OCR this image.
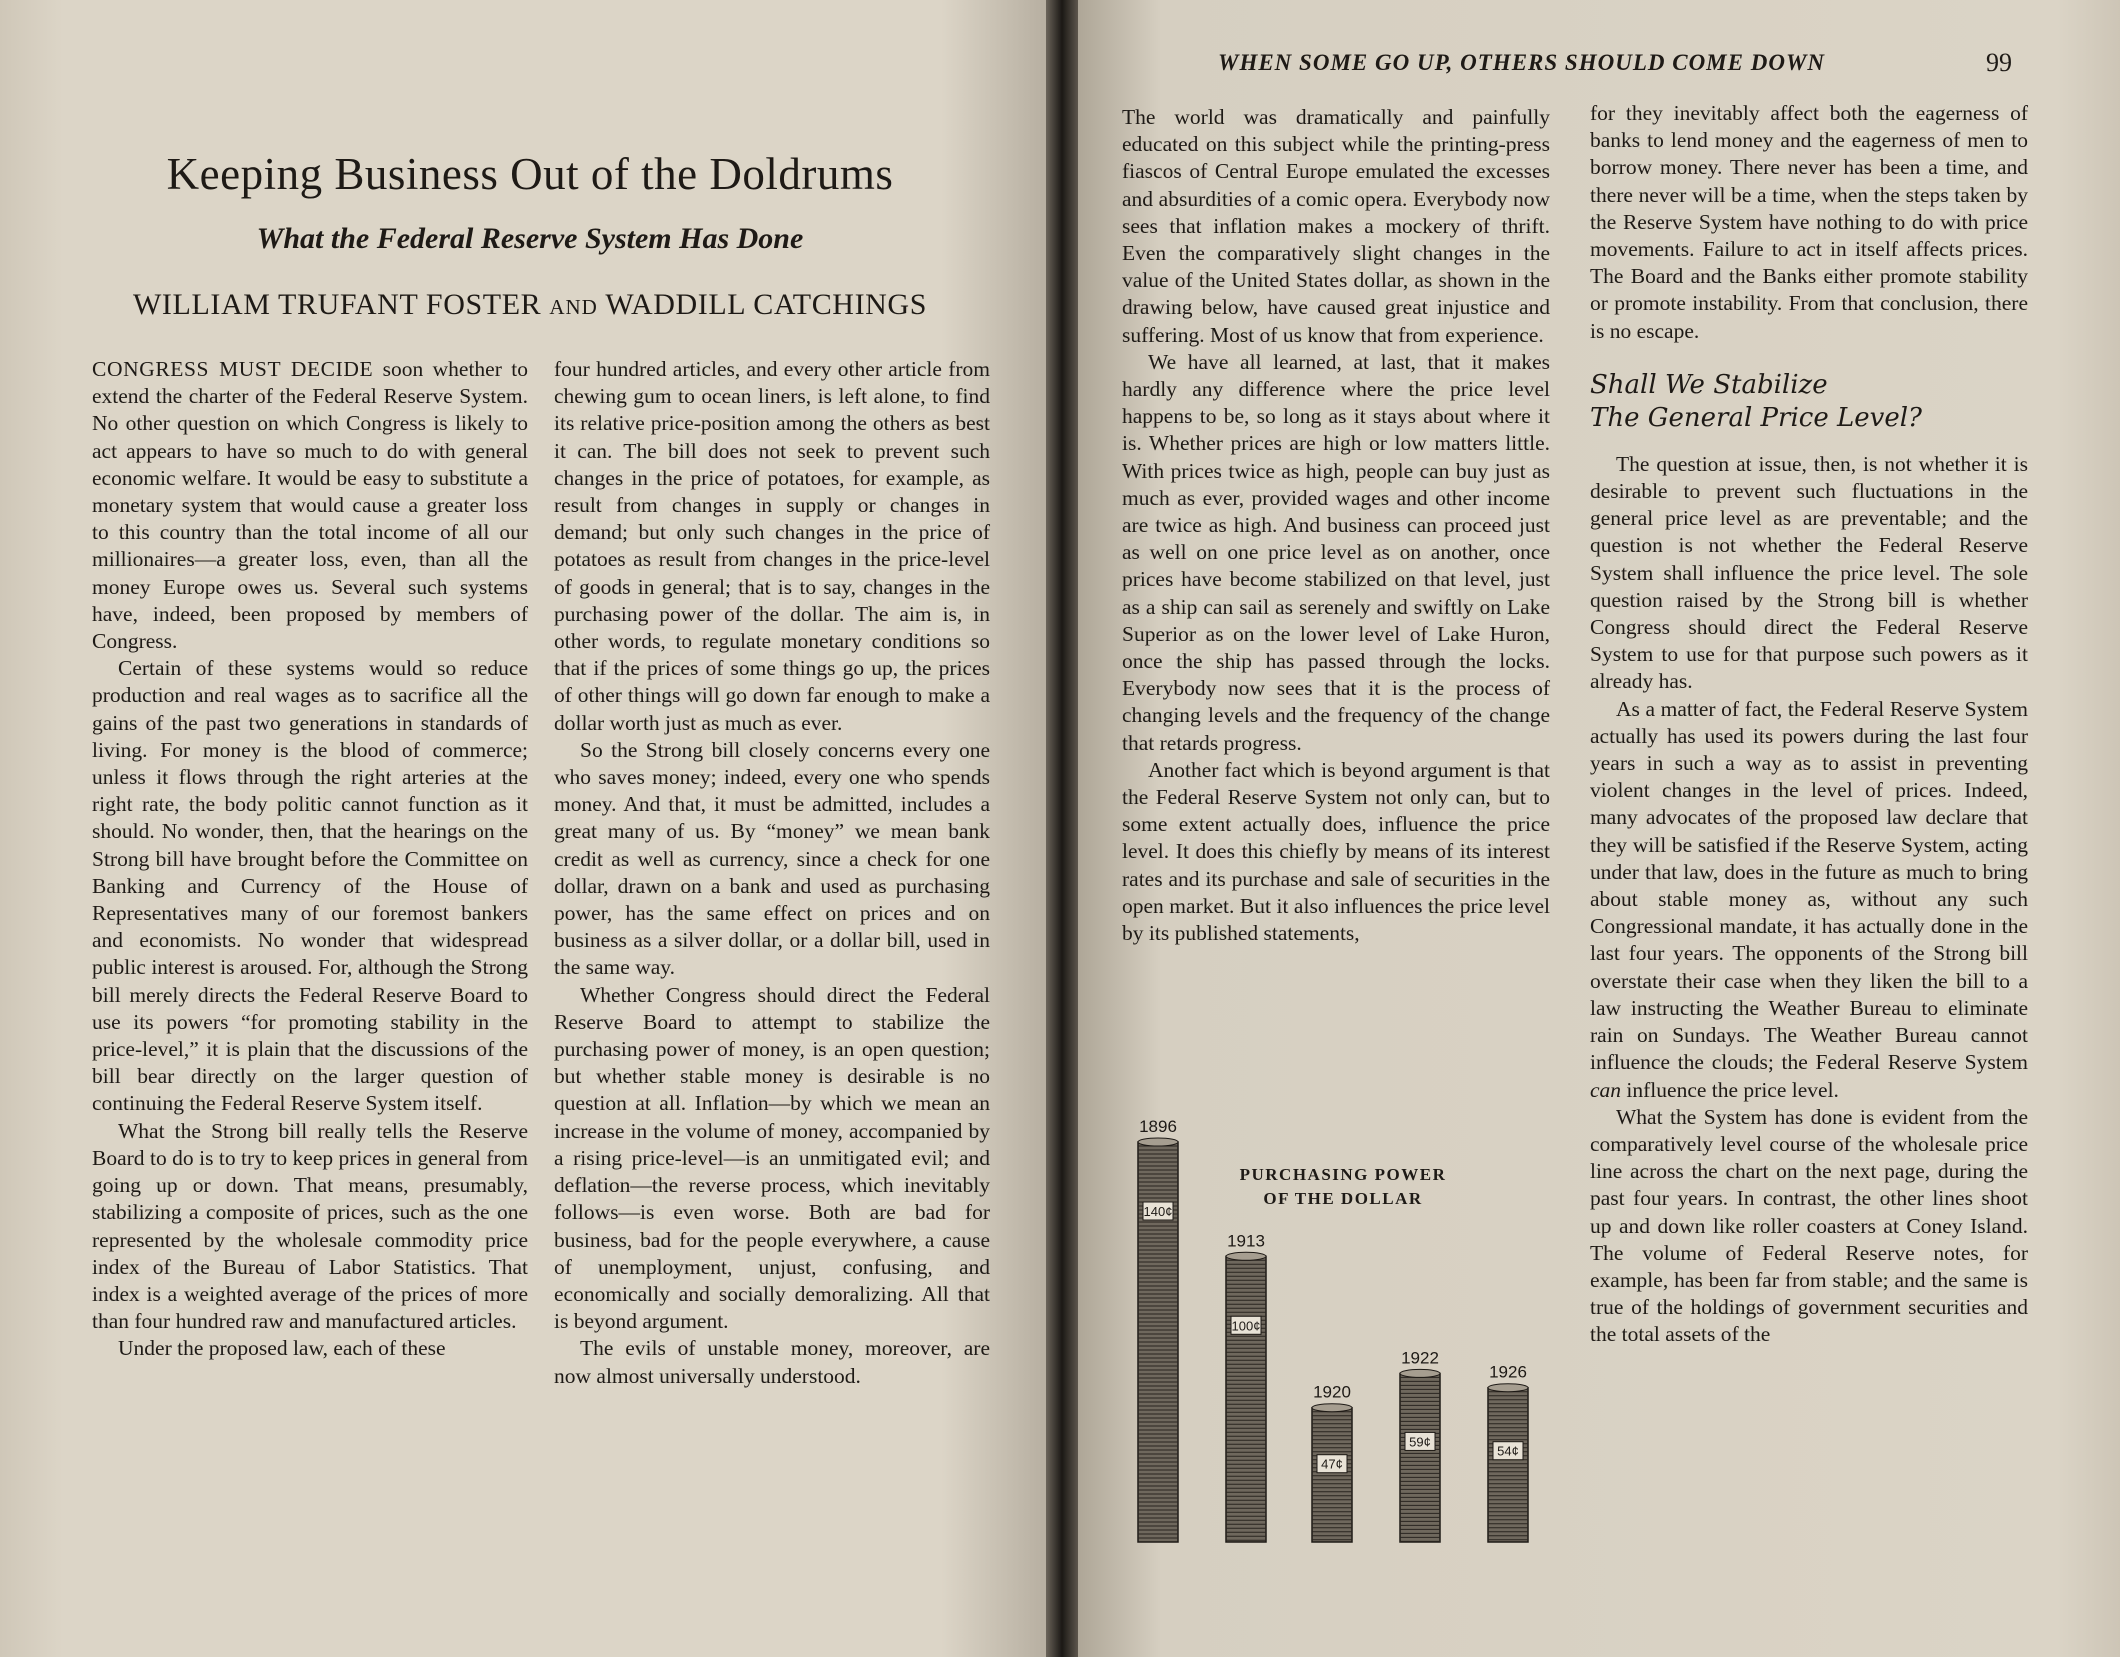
Keeping Business Out of the Doldrums
What the Federal Reserve System Has Done
WILLIAM TRUFANT FOSTER AND WADDILL CATCHINGS

CONGRESS MUST DECIDE soon whether to extend the charter of the Federal Reserve System. No other question on which Congress is likely to act appears to have so much to do with general economic welfare. It would be easy to substitute a monetary system that would cause a greater loss to this country than the total income of all our millionaires—a greater loss, even, than all the money Europe owes us. Several such systems have, indeed, been proposed by members of Congress.

Certain of these systems would so reduce production and real wages as to sacrifice all the gains of the past two generations in standards of living. For money is the blood of commerce; unless it flows through the right arteries at the right rate, the body politic cannot function as it should. No wonder, then, that the hearings on the Strong bill have brought before the Committee on Banking and Currency of the House of Representatives many of our foremost bankers and economists. No wonder that widespread public interest is aroused. For, although the Strong bill merely directs the Federal Reserve Board to use its powers “for promoting stability in the price-level,” it is plain that the discussions of the bill bear directly on the larger question of continuing the Federal Reserve System itself.

What the Strong bill really tells the Reserve Board to do is to try to keep prices in general from going up or down. That means, presumably, stabilizing a composite of prices, such as the one represented by the wholesale commodity price index of the Bureau of Labor Statistics. That index is a weighted average of the prices of more than four hundred raw and manufactured articles.

Under the proposed law, each of these

four hundred articles, and every other article from chewing gum to ocean liners, is left alone, to find its relative price-position among the others as best it can. The bill does not seek to prevent such changes in the price of potatoes, for example, as result from changes in supply or changes in demand; but only such changes in the price of potatoes as result from changes in the price-level of goods in general; that is to say, changes in the purchasing power of the dollar. The aim is, in other words, to regulate monetary conditions so that if the prices of some things go up, the prices of other things will go down far enough to make a dollar worth just as much as ever.

So the Strong bill closely concerns every one who saves money; indeed, every one who spends money. And that, it must be admitted, includes a great many of us. By “money” we mean bank credit as well as currency, since a check for one dollar, drawn on a bank and used as purchasing power, has the same effect on prices and on business as a silver dollar, or a dollar bill, used in the same way.

Whether Congress should direct the Federal Reserve Board to attempt to stabilize the purchasing power of money, is an open question; but whether stable money is desirable is no question at all. Inflation—by which we mean an increase in the volume of money, accompanied by a rising price-level—is an unmitigated evil; and deflation—the reverse process, which inevitably follows—is even worse. Both are bad for business, bad for the people everywhere, a cause of unemployment, unjust, confusing, and economically and socially demoralizing. All that is beyond argument.

The evils of unstable money, moreover, are now almost universally understood.

WHEN SOME GO UP, OTHERS SHOULD COME DOWN	99

The world was dramatically and painfully educated on this subject while the printing-press fiascos of Central Europe emulated the excesses and absurdities of a comic opera. Everybody now sees that inflation makes a mockery of thrift. Even the comparatively slight changes in the value of the United States dollar, as shown in the drawing below, have caused great injustice and suffering. Most of us know that from experience.

We have all learned, at last, that it makes hardly any difference where the price level happens to be, so long as it stays about where it is. Whether prices are high or low matters little. With prices twice as high, people can buy just as much as ever, provided wages and other income are twice as high. And business can proceed just as well on one price level as on another, once prices have become stabilized on that level, just as a ship can sail as serenely and swiftly on Lake Superior as on the lower level of Lake Huron, once the ship has passed through the locks. Everybody now sees that it is the process of changing levels and the frequency of the change that retards progress.

Another fact which is beyond argument is that the Federal Reserve System not only can, but to some extent actually does, influence the price level. It does this chiefly by means of its interest rates and its purchase and sale of securities in the open market. But it also influences the price level by its published statements,

PURCHASING POWER
OF THE DOLLAR
140¢
1896
100¢
1913
47¢
1920
59¢
1922
54¢
1926

for they inevitably affect both the eagerness of banks to lend money and the eagerness of men to borrow money. There never has been a time, and there never will be a time, when the steps taken by the Reserve System have nothing to do with price movements. Failure to act in itself affects prices. The Board and the Banks either promote stability or promote instability. From that conclusion, there is no escape.

Shall We Stabilize
The General Price Level?

The question at issue, then, is not whether it is desirable to prevent such fluctuations in the general price level as are preventable; and the question is not whether the Federal Reserve System shall influence the price level. The sole question raised by the Strong bill is whether Congress should direct the Federal Reserve System to use for that purpose such powers as it already has.

As a matter of fact, the Federal Reserve System actually has used its powers during the last four years in such a way as to assist in preventing violent changes in the level of prices. Indeed, many advocates of the proposed law declare that they will be satisfied if the Reserve System, acting under that law, does in the future as much to bring about stable money as, without any such Congressional mandate, it has actually done in the last four years. The opponents of the Strong bill overstate their case when they liken the bill to a law instructing the Weather Bureau to eliminate rain on Sundays. The Weather Bureau cannot influence the clouds; the Federal Reserve System can influence the price level.

What the System has done is evident from the comparatively level course of the wholesale price line across the chart on the next page, during the past four years. In contrast, the other lines shoot up and down like roller coasters at Coney Island. The volume of Federal Reserve notes, for example, has been far from stable; and the same is true of the holdings of government securities and the total assets of the
